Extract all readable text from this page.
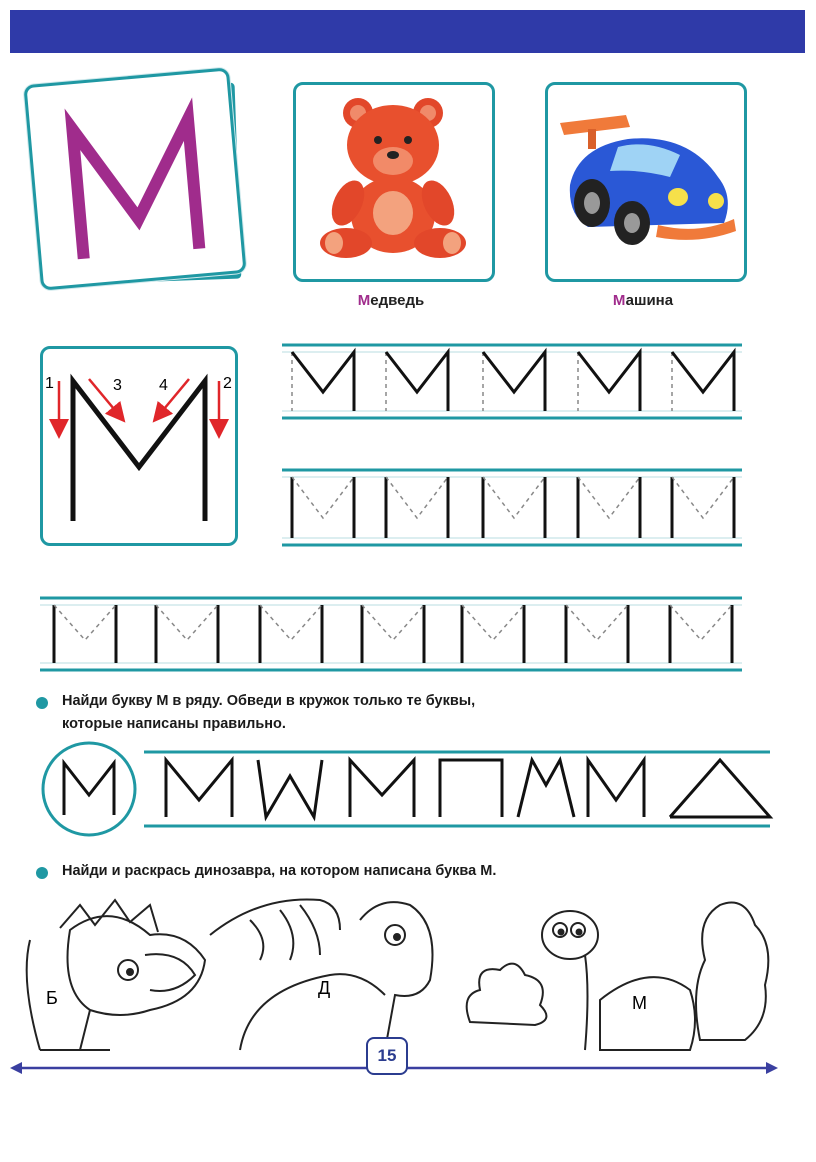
Медведь	Машина
1	2
3 4
Найди букву М в ряду. Обведи в кружок только те буквы,
которые написаны правильно.
Найди и раскрась динозавра, на котором написана буква М.
Б	Д
М
15
